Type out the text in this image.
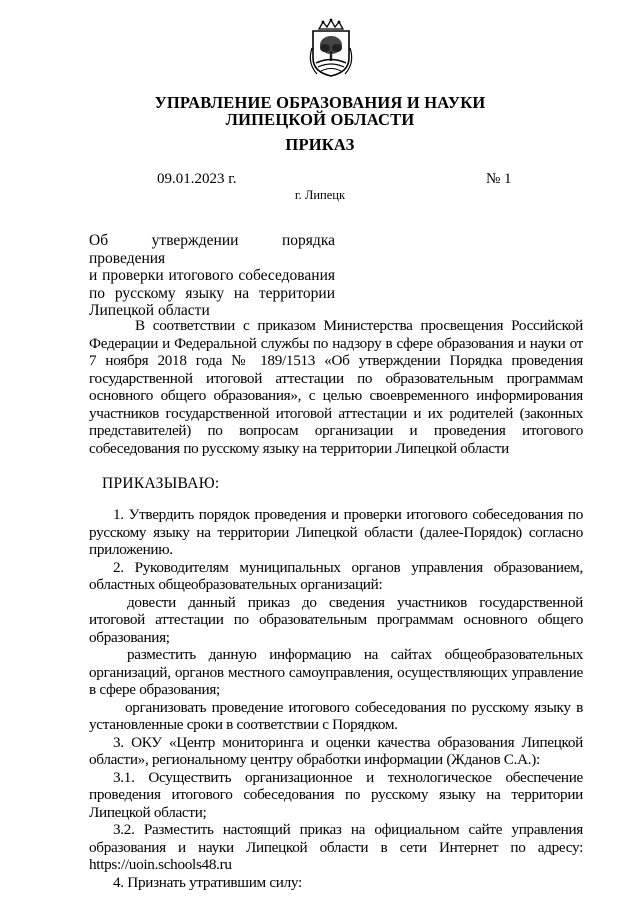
УПРАВЛЕНИЕ ОБРАЗОВАНИЯ И НАУКИ
ЛИПЕЦКОЙ ОБЛАСТИ
ПРИКАЗ
09.01.2023 г.	№ 1
г. Липецк
Об утверждении порядка проведения
и проверки итогового собеседования
по русскому языку на территории
Липецкой области

В соответствии с приказом Министерства просвещения Российской Федерации и Федеральной службы по надзору в сфере образования и науки от 7 ноября 2018 года № 189/1513 «Об утверждении Порядка проведения государственной итоговой аттестации по образовательным программам основного общего образования», с целью своевременного информирования участников государственной итоговой аттестации и их родителей (законных представителей) по вопросам организации и проведения итогового собеседования по русскому языку на территории Липецкой области

ПРИКАЗЫВАЮ:

1. Утвердить порядок проведения и проверки итогового собеседования по русскому языку на территории Липецкой области (далее-Порядок) согласно приложению.

2. Руководителям муниципальных органов управления образованием, областных общеобразовательных организаций:

довести данный приказ до сведения участников государственной итоговой аттестации по образовательным программам основного общего образования;

разместить данную информацию на сайтах общеобразовательных организаций, органов местного самоуправления, осуществляющих управление в сфере образования;

организовать проведение итогового собеседования по русскому языку в установленные сроки в соответствии с Порядком.

3. ОКУ «Центр мониторинга и оценки качества образования Липецкой области», региональному центру обработки информации (Жданов С.А.):

3.1. Осуществить организационное и технологическое обеспечение проведения итогового собеседования по русскому языку на территории Липецкой области;

3.2. Разместить настоящий приказ на официальном сайте управления образования и науки Липецкой области в сети Интернет по адресу: https://uoin.schools48.ru

4. Признать утратившим силу:
